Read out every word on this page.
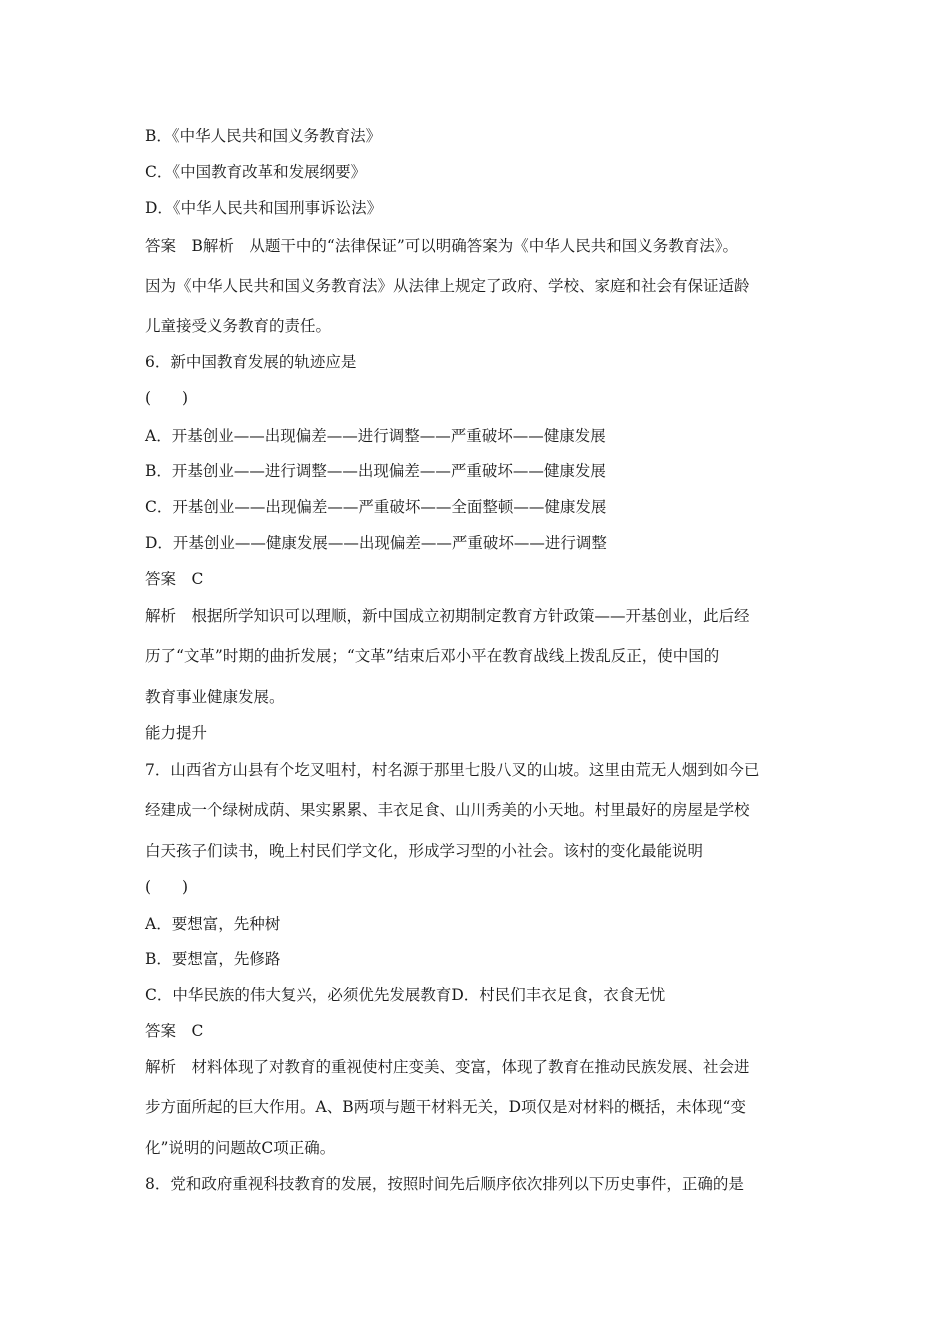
B．《中华人民共和国义务教育法》
C．《中国教育改革和发展纲要》
D．《中华人民共和国刑事诉讼法》
答案　B解析　从题干中的“法律保证”可以明确答案为《中华人民共和国义务教育法》。
因为《中华人民共和国义务教育法》从法律上规定了政府、学校、家庭和社会有保证适龄
儿童接受义务教育的责任。
6．新中国教育发展的轨迹应是
(　　)
A．开基创业——出现偏差——进行调整——严重破坏——健康发展
B．开基创业——进行调整——出现偏差——严重破坏——健康发展
C．开基创业——出现偏差——严重破坏——全面整顿——健康发展
D．开基创业——健康发展——出现偏差——严重破坏——进行调整
答案　C
解析　根据所学知识可以理顺，新中国成立初期制定教育方针政策——开基创业，此后经
历了“文革”时期的曲折发展；“文革”结束后邓小平在教育战线上拨乱反正，使中国的
教育事业健康发展。
能力提升
7．山西省方山县有个圪叉咀村，村名源于那里七股八叉的山坡。这里由荒无人烟到如今已
经建成一个绿树成荫、果实累累、丰衣足食、山川秀美的小天地。村里最好的房屋是学校
白天孩子们读书，晚上村民们学文化，形成学习型的小社会。该村的变化最能说明
(　　)
A．要想富，先种树
B．要想富，先修路
C．中华民族的伟大复兴，必须优先发展教育D．村民们丰衣足食，衣食无忧
答案　C
解析　材料体现了对教育的重视使村庄变美、变富，体现了教育在推动民族发展、社会进
步方面所起的巨大作用。A、B两项与题干材料无关，D项仅是对材料的概括，未体现“变
化”说明的问题故C项正确。
8．党和政府重视科技教育的发展，按照时间先后顺序依次排列以下历史事件，正确的是
